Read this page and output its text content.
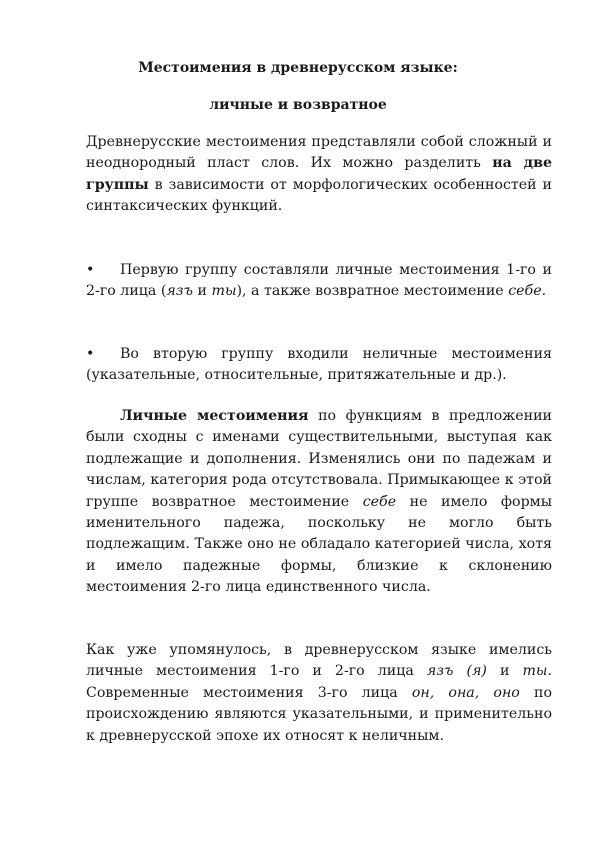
Местоимения в древнерусском языке:

личные и возвратное

Древнерусские местоимения представляли собой сложный и неоднородный пласт слов. Их можно разделить на две группы в зависимости от морфологических особенностей и синтаксических функций.

• Первую группу составляли личные местоимения 1-го и 2-го лица (язъ и ты), а также возвратное местоимение себе.

• Во вторую группу входили неличные местоимения (указательные, относительные, притяжательные и др.).

Личные местоимения по функциям в предложении были сходны с именами существительными, выступая как подлежащие и дополнения. Изменялись они по падежам и числам, категория рода отсутствовала. Примыкающее к этой группе возвратное местоимение себе не имело формы именительного падежа, поскольку не могло быть подлежащим. Также оно не обладало категорией числа, хотя и имело падежные формы, близкие к склонению местоимения 2-го лица единственного числа.

Как уже упомянулось, в древнерусском языке имелись личные местоимения 1-го и 2-го лица язъ (я) и ты. Современные местоимения 3-го лица он, она, оно по происхождению являются указательными, и применительно к древнерусской эпохе их относят к неличным.
